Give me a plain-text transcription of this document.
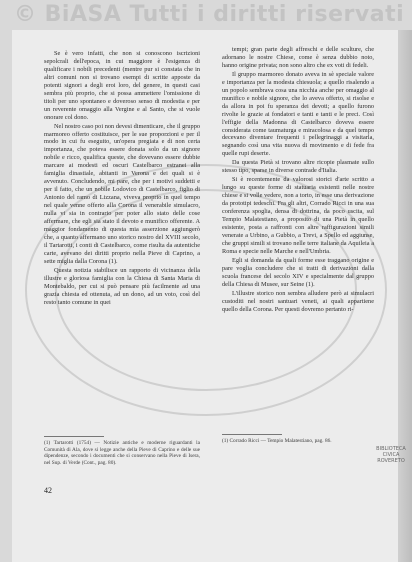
© BiASA Tutti i diritti riservati

Se è vero infatti, che non si conoscono iscrizioni sepolcrali dell'epoca, in cui maggiore è l'esigenza di qualificare i nobili precedenti (mentre pur si constata che in altri comuni non si trovano esempi di scritte apposte da potenti signori a degli eroi loro, del genere, in questi casi sembra più proprio, che si possa ammettere l'omissione di titoli per uno spontaneo e doveroso senso di modestia e per un reverente omaggio alla Vergine e al Santo, che si vuole onorare col dono.

Nel nostro caso poi non devesi dimenticare, che il gruppo marmoreo offerto costituisce, per le sue proporzioni e per il modo in cui fu eseguito, un'opera pregiata e di non certa importanza, che poteva essere donata solo da un signore nobile e ricco, qualifica queste, che dovevano essere dubbie marcare ai modesti ed oscuri Castelbarco estranei alla famiglia dinastiale, abitanti in Verona e dei quali si è avvenuto. Concludendo, mi pare, che per i motivi suddetti e per il fatto, che un nobile Lodovico di Castelbarco, figlio di Antonio del ramo di Lizzana, viveva proprio in quel tempo nel quale venne offerto alla Corona il venerabile simulacro, nulla vi sia in contrario per poter allo stato delle cose affermare, che egli sia stato il devoto e munifico offerente. A maggior fondamento di questa mia asserzione aggiungerò che, a quanto affermano uno storico nostro del XVIII secolo, il Tartarotti, i conti di Castelbarco, come risulta da autentiche carte, avevano dei diritti proprio nella Pieve di Caprino, a sette miglia dalla Corona (1).

Questa notizia stabilisce un rapporto di vicinanza della illustre e gloriosa famiglia con la Chiesa di Santa Maria di Montebaldo, per cui si può pensare più facilmente ad una grazia chiesta ed ottenuta, ad un dono, ad un voto, così del resto tanto comune in quei

tempi; gran parte degli affreschi e delle sculture, che adornano le nostre Chiese, come è senza dubbio noto, hanno origine privata; non sono altro che ex voti di fedeli.

Il gruppo marmoreo donato aveva in sè speciale valore e importanza per la modesta chiesuola; a quello risalendo a un popolo sembrava cosa una nicchia anche per omaggio al munifico e nobile signore, che lo aveva offerto, si risolse e da allora in poi fu speranza dei devoti; a quello furono rivolte le grazie ai fondatori e tanti e tanti e le preci. Così l'effigie della Madonna di Castelbarco doveva essere considerata come taumaturga e miracolosa e da quel tempo decevano diventare frequenti i pellegrinaggi a visitarla, segnando così una vita nuova di movimento e di fede fra quelle rupi deserte.

Da questa Pietà si trovano altre ricopie plasmate sullo stesso tipo, sparse in diverse contrade d'Italia.

Si è recentemente da valorosi storici d'arte scritto a lungo su queste forme di statuaria esistenti nelle nostre chiese e si volle vedere, non a torto, in esse una derivazione da prototipi tedeschi. Fra gli altri, Corrado Ricci in una sua conferenza spoglia, densa di dottrina, da poco uscita, sul Tempio Malatestiano, a proposito di una Pietà in quello esistente, posta a raffronti con altre raffigurazioni simili venerate a Urbino, a Gubbio, a Trevi, a Spello ed aggiunse, che gruppi simili si trovano nelle terre italiane da Aquileia a Roma e specie nelle Marche e nell'Umbria.

Egli si domanda da quali forme esse traggano origine e pare voglia concludere che si tratti di derivazioni dalla scuola francese del secolo XIV e specialmente dal gruppo della Chiesa di Musee, sur Seine (1).

L'illustre storico non sembra alludere però ai simulacri custoditi nel nostri santuari veneti, ai quali appartiene quello della Corona. Per questi dovremo pertanto ri-

(1) Tartarotti (1754) — Notizie antiche e moderne riguardanti la Comunità di Ala, dove si legge anche della Pieve di Caprino e delle sue dipendenze, secondo i documenti che si conservano nella Pieve di Isera, nel Sup. di Verde (Cont., pag. 80).
(1) Corrado Ricci — Tempio Malatestiano, pag. 86.
42
BIBLIOTECA CIVICA ROVERETO
